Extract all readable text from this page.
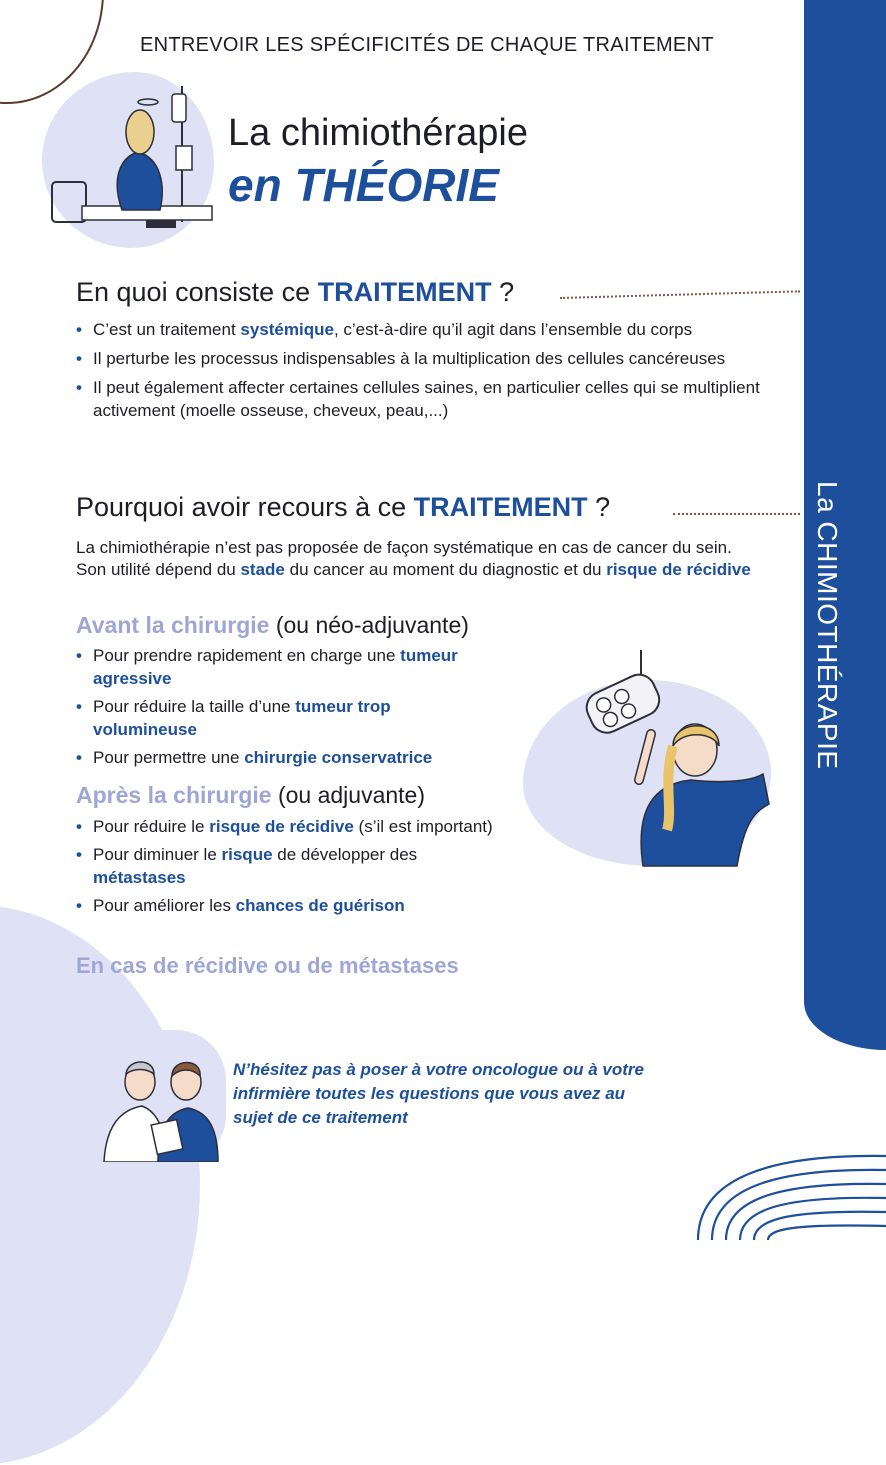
La CHIMIOTHÉRAPIE
ENTREVOIR LES SPÉCIFICITÉS DE CHAQUE TRAITEMENT
La chimiothérapie
en THÉORIE
En quoi consiste ce TRAITEMENT ?
• C’est un traitement systémique, c’est-à-dire qu’il agit dans l’ensemble du corps
• Il perturbe les processus indispensables à la multiplication des cellules cancéreuses
• Il peut également affecter certaines cellules saines, en particulier celles qui se multiplient activement (moelle osseuse, cheveux, peau,...)
Pourquoi avoir recours à ce TRAITEMENT ?
La chimiothérapie n’est pas proposée de façon systématique en cas de cancer du sein. Son utilité dépend du stade du cancer au moment du diagnostic et du risque de récidive
Avant la chirurgie (ou néo-adjuvante)
• Pour prendre rapidement en charge une tumeur agressive
• Pour réduire la taille d’une tumeur trop volumineuse
• Pour permettre une chirurgie conservatrice
Après la chirurgie (ou adjuvante)
• Pour réduire le risque de récidive (s’il est important)
• Pour diminuer le risque de développer des métastases
• Pour améliorer les chances de guérison
En cas de récidive ou de métastases
N’hésitez pas à poser à votre oncologue ou à votre infirmière toutes les questions que vous avez au sujet de ce traitement
